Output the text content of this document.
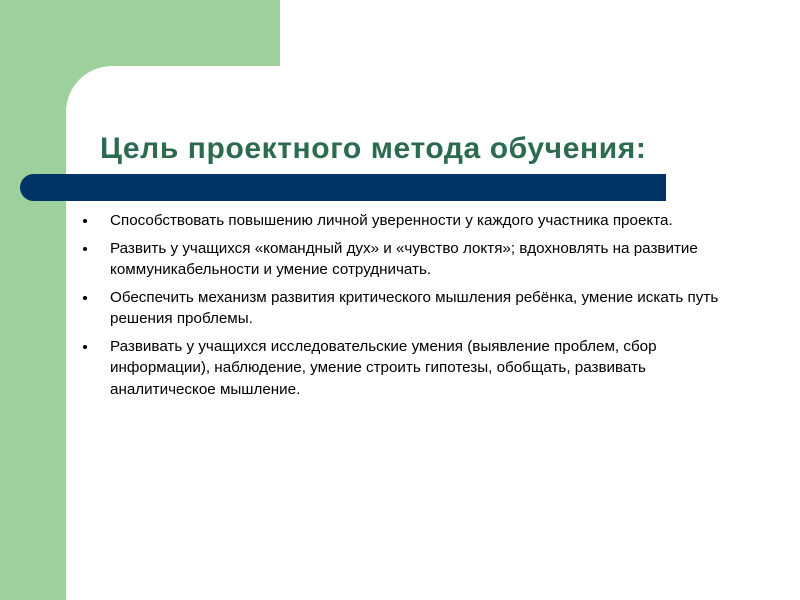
Цель проектного метода обучения:
Способствовать повышению личной уверенности у каждого участника проекта.
Развить у учащихся «командный дух» и «чувство локтя»; вдохновлять на развитие коммуникабельности и умение сотрудничать.
Обеспечить механизм развития критического мышления ребёнка, умение искать путь решения проблемы.
Развивать у учащихся исследовательские умения (выявление проблем, сбор информации), наблюдение, умение строить гипотезы, обобщать, развивать аналитическое мышление.
